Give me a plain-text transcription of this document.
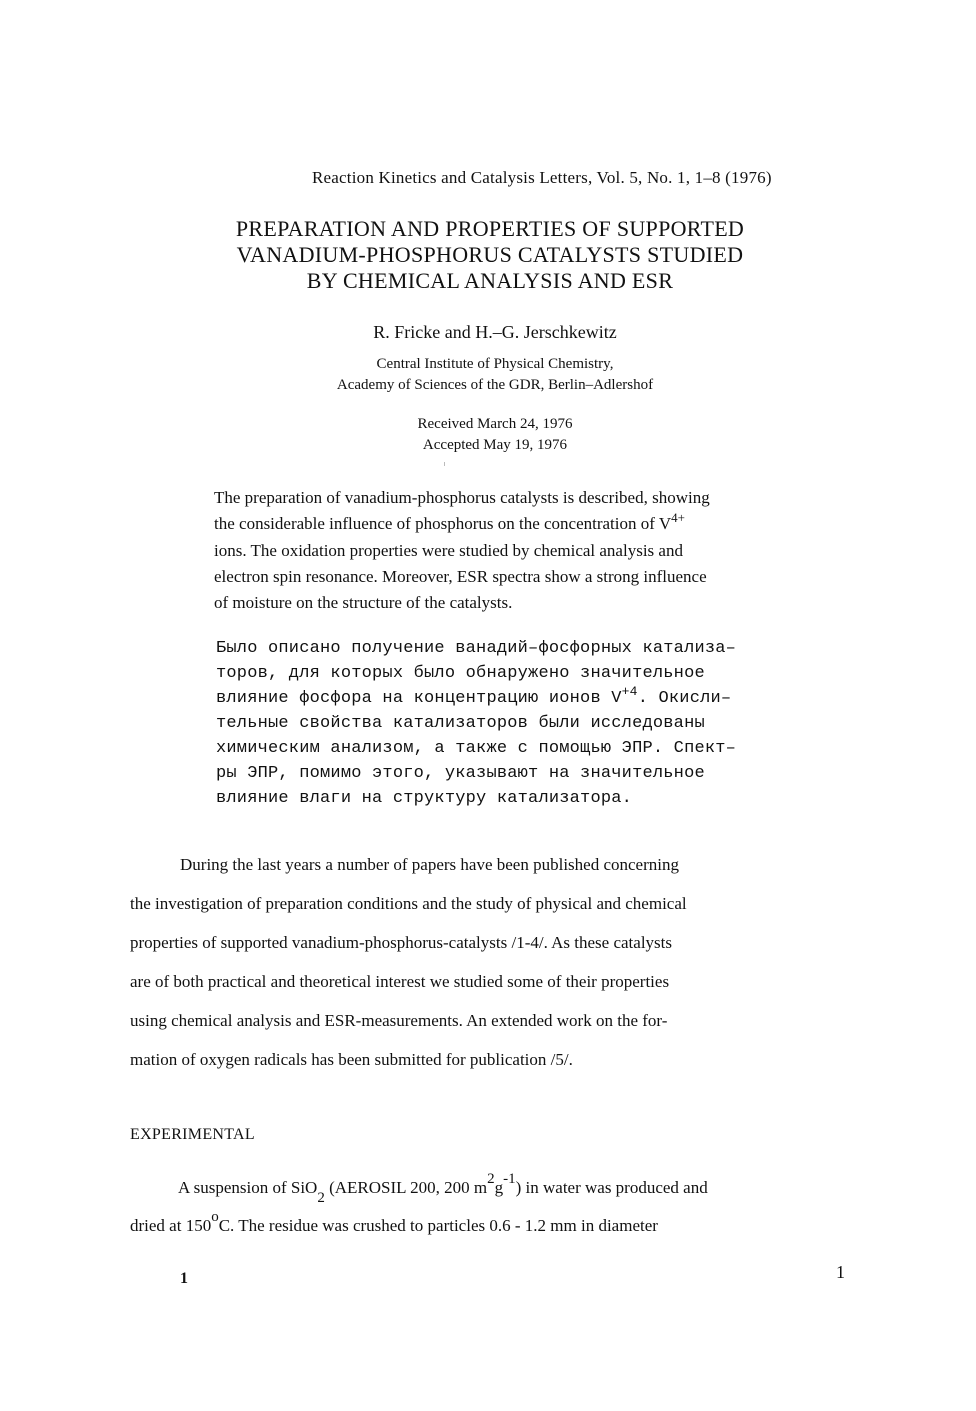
Reaction Kinetics and Catalysis Letters, Vol. 5, No. 1, 1–8 (1976)
PREPARATION AND PROPERTIES OF SUPPORTED
VANADIUM-PHOSPHORUS CATALYSTS STUDIED
BY CHEMICAL ANALYSIS AND ESR
R. Fricke and H.–G. Jerschkewitz
Central Institute of Physical Chemistry,
Academy of Sciences of the GDR, Berlin–Adlershof
Received March 24, 1976
Accepted May 19, 1976
The preparation of vanadium-phosphorus catalysts is described, showing
the considerable influence of phosphorus on the concentration of $V^{4+}$
ions. The oxidation properties were studied by chemical analysis and
electron spin resonance. Moreover, ESR spectra show a strong influence
of moisture on the structure of the catalysts.
Было описано получение ванадий–фосфорных катализа–
торов, для которых было обнаружено значительное
влияние фосфора на концентрацию ионов $V^{+4}$. Окисли–
тельные свойства катализаторов были исследованы
химическим анализом, а также с помощью ЭПР. Спект–
ры ЭПР, помимо этого, указывают на значительное
влияние влаги на структуру катализатора.
During the last years a number of papers have been published concerning
the investigation of preparation conditions and the study of physical and chemical
properties of supported vanadium-phosphorus-catalysts /1-4/. As these catalysts
are of both practical and theoretical interest we studied some of their properties
using chemical analysis and ESR-measurements. An extended work on the for-
mation of oxygen radicals has been submitted for publication /5/.
EXPERIMENTAL
A suspension of SiO2 (AEROSIL 200, 200 m2g-1) in water was produced and
dried at 150oC. The residue was crushed to particles 0.6 - 1.2 mm in diameter
1	1
